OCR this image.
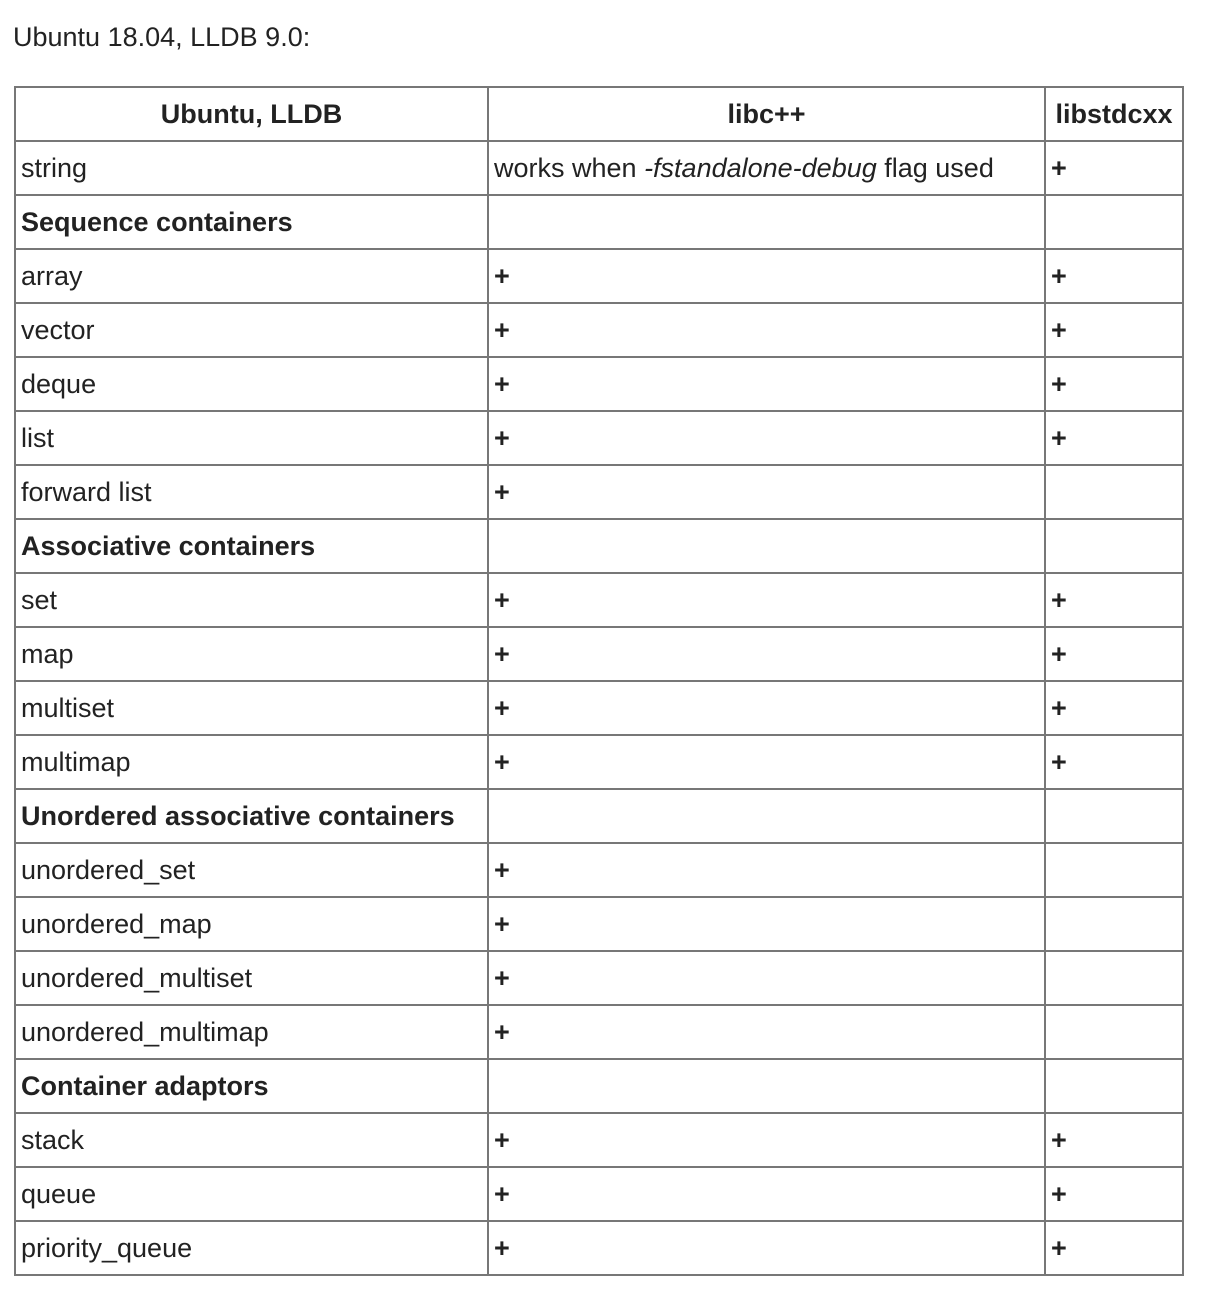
Ubuntu 18.04, LLDB 9.0:
Ubuntu, LLDB	libc++	libstdcxx
string	works when -fstandalone-debug flag used	+
Sequence containers		
array	+	+
vector	+	+
deque	+	+
list	+	+
forward list	+	
Associative containers		
set	+	+
map	+	+
multiset	+	+
multimap	+	+
Unordered associative containers		
unordered_set	+	
unordered_map	+	
unordered_multiset	+	
unordered_multimap	+	
Container adaptors		
stack	+	+
queue	+	+
priority_queue	+	+
